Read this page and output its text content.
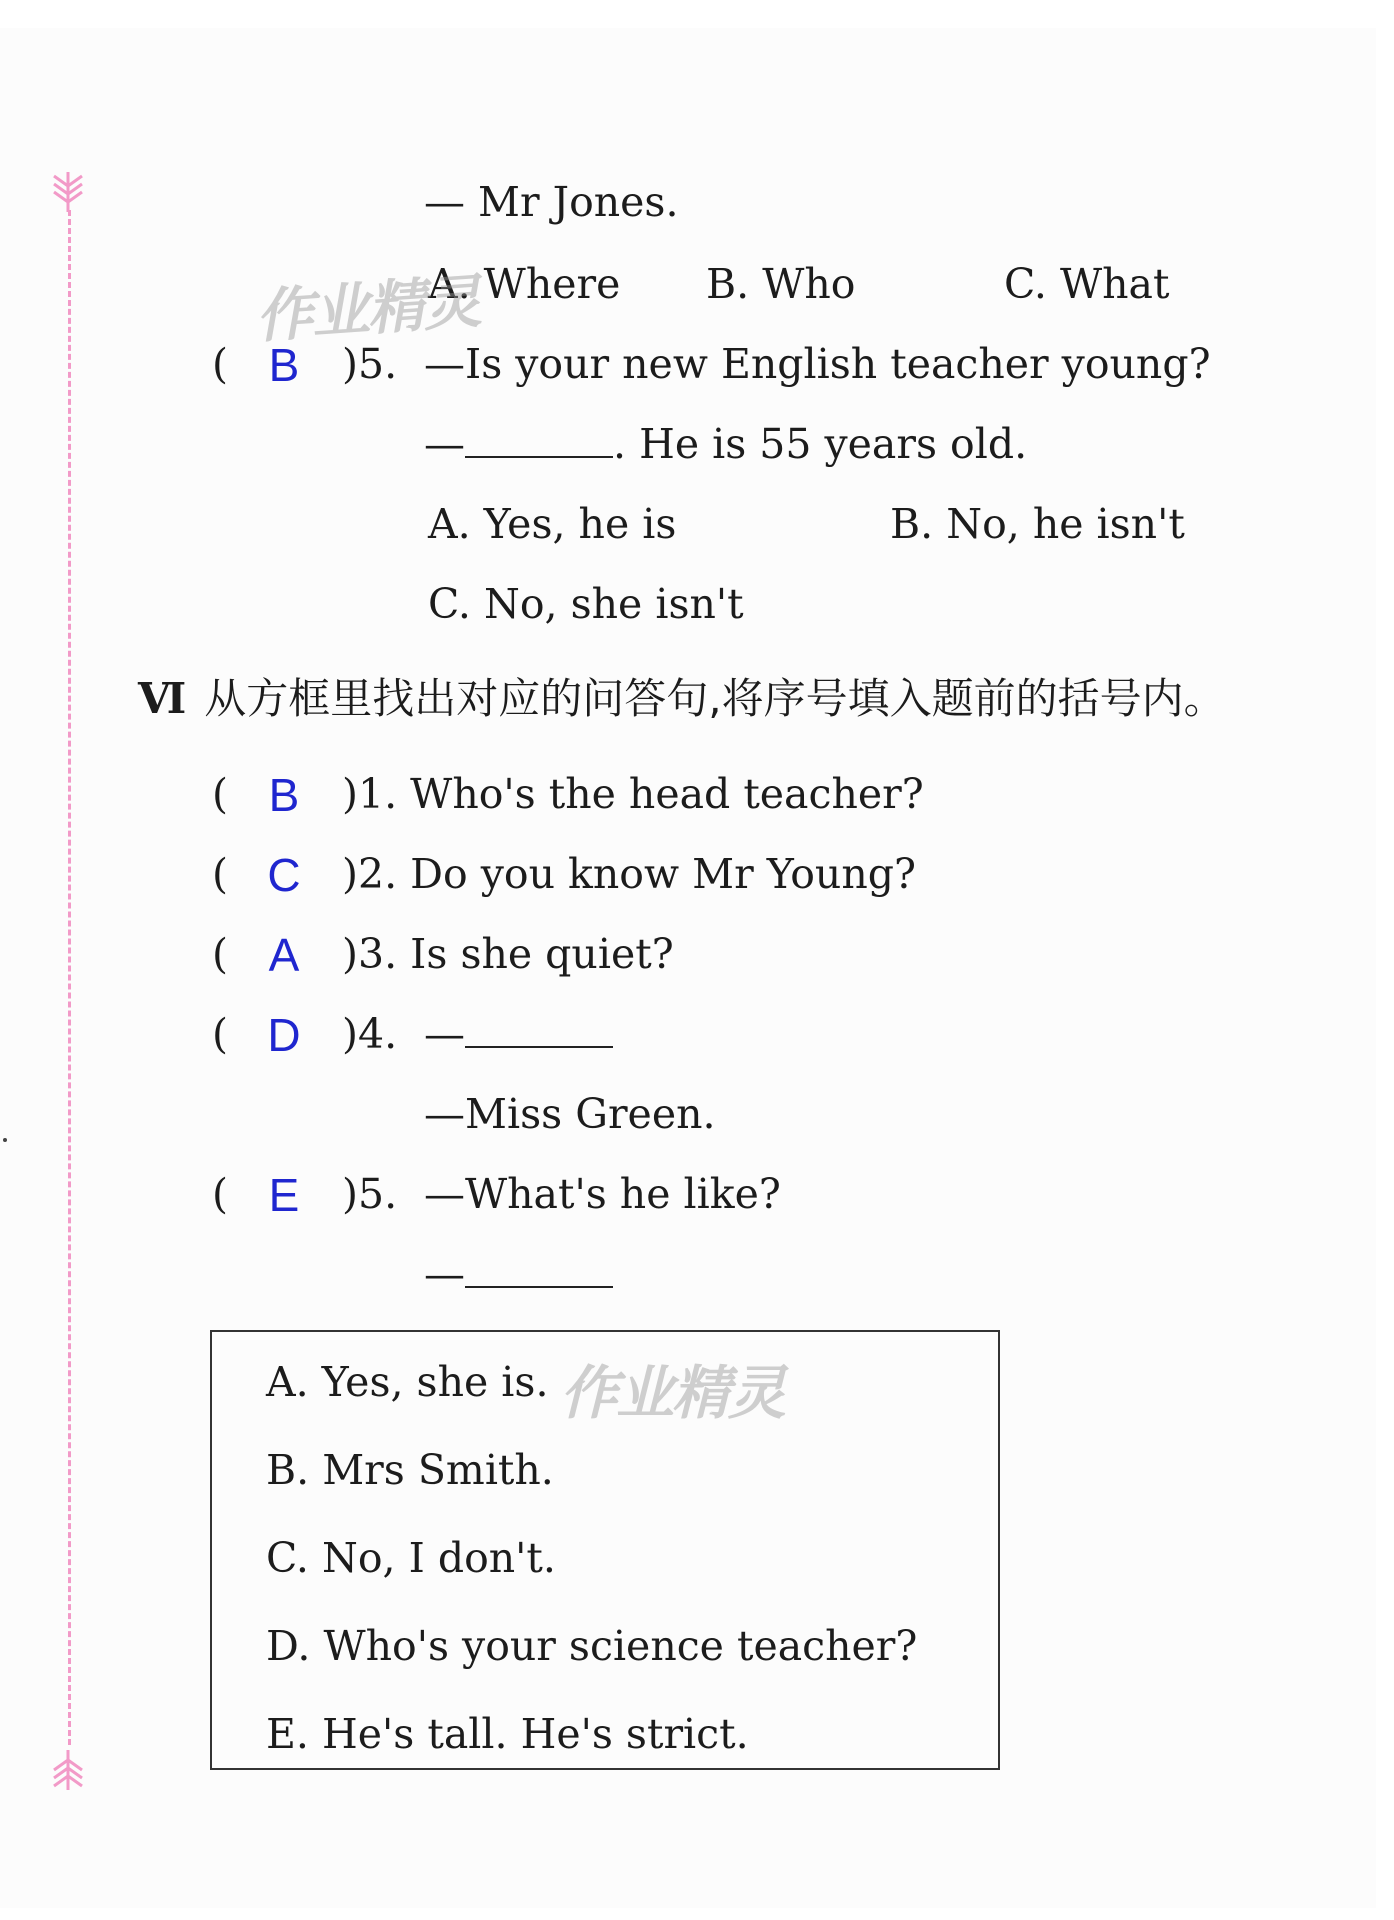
— Mr Jones.
A. Where B. Who	C. What
作业精灵
( B	)5. —Is your new English teacher young?
—	. He is 55 years old.
A. Yes, he is	B. No, he isn't
C. No, she isn't
Ⅵ 从方框里找出对应的问答句,将序号填入题前的括号内。
( B	)1. Who's the head teacher?
( C	)2. Do you know Mr Young?
( A	)3. Is she quiet?
( D	)4. —
—Miss Green.
( E	)5. —What's he like?
—
A. Yes, she is.
B. Mrs Smith.
C. No, I don't.
D. Who's your science teacher?
E. He's tall. He's strict.
作业精灵
